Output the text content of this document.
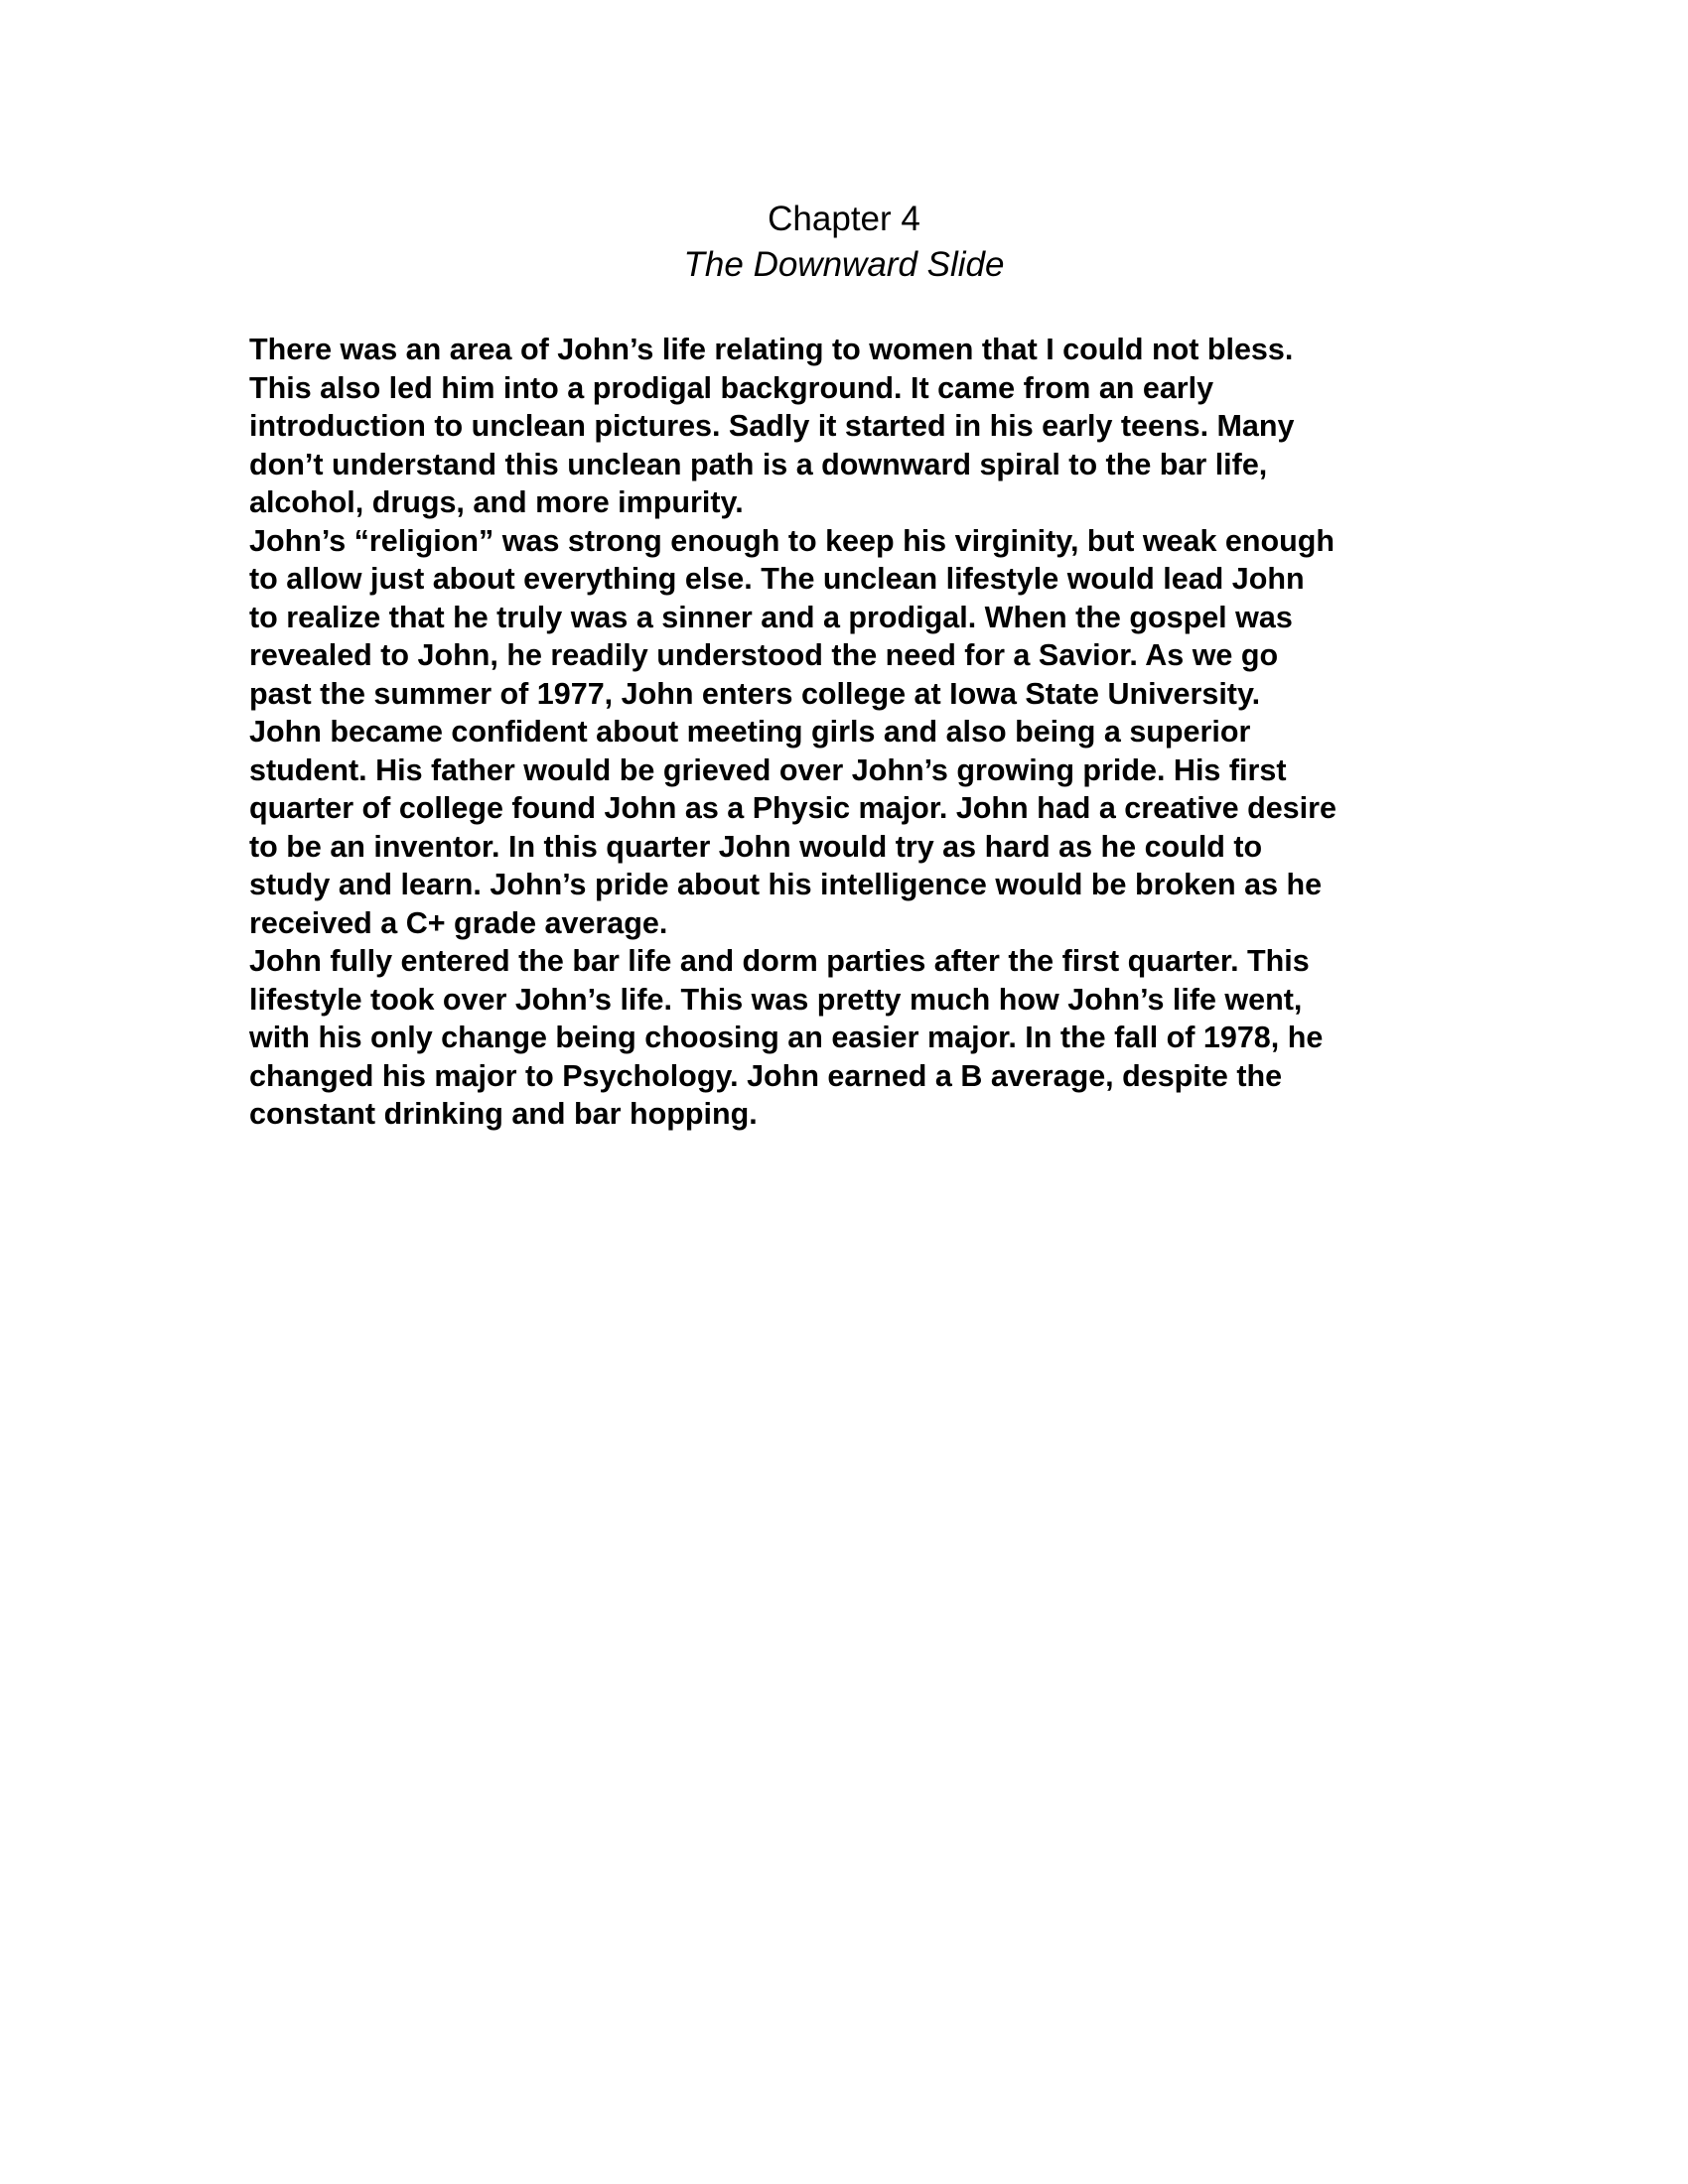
Chapter 4
The Downward Slide
There was an area of John’s life relating to women that I could not bless.
This also led him into a prodigal background. It came from an early
introduction to unclean pictures. Sadly it started in his early teens. Many
don’t understand this unclean path is a downward spiral to the bar life,
alcohol, drugs, and more impurity.
John’s “religion” was strong enough to keep his virginity, but weak enough
to allow just about everything else. The unclean lifestyle would lead John
to realize that he truly was a sinner and a prodigal. When the gospel was
revealed to John, he readily understood the need for a Savior. As we go
past the summer of 1977, John enters college at Iowa State University.
John became confident about meeting girls and also being a superior
student. His father would be grieved over John’s growing pride. His first
quarter of college found John as a Physic major. John had a creative desire
to be an inventor. In this quarter John would try as hard as he could to
study and learn. John’s pride about his intelligence would be broken as he
received a C+ grade average.
John fully entered the bar life and dorm parties after the first quarter. This
lifestyle took over John’s life. This was pretty much how John’s life went,
with his only change being choosing an easier major. In the fall of 1978, he
changed his major to Psychology. John earned a B average, despite the
constant drinking and bar hopping.
